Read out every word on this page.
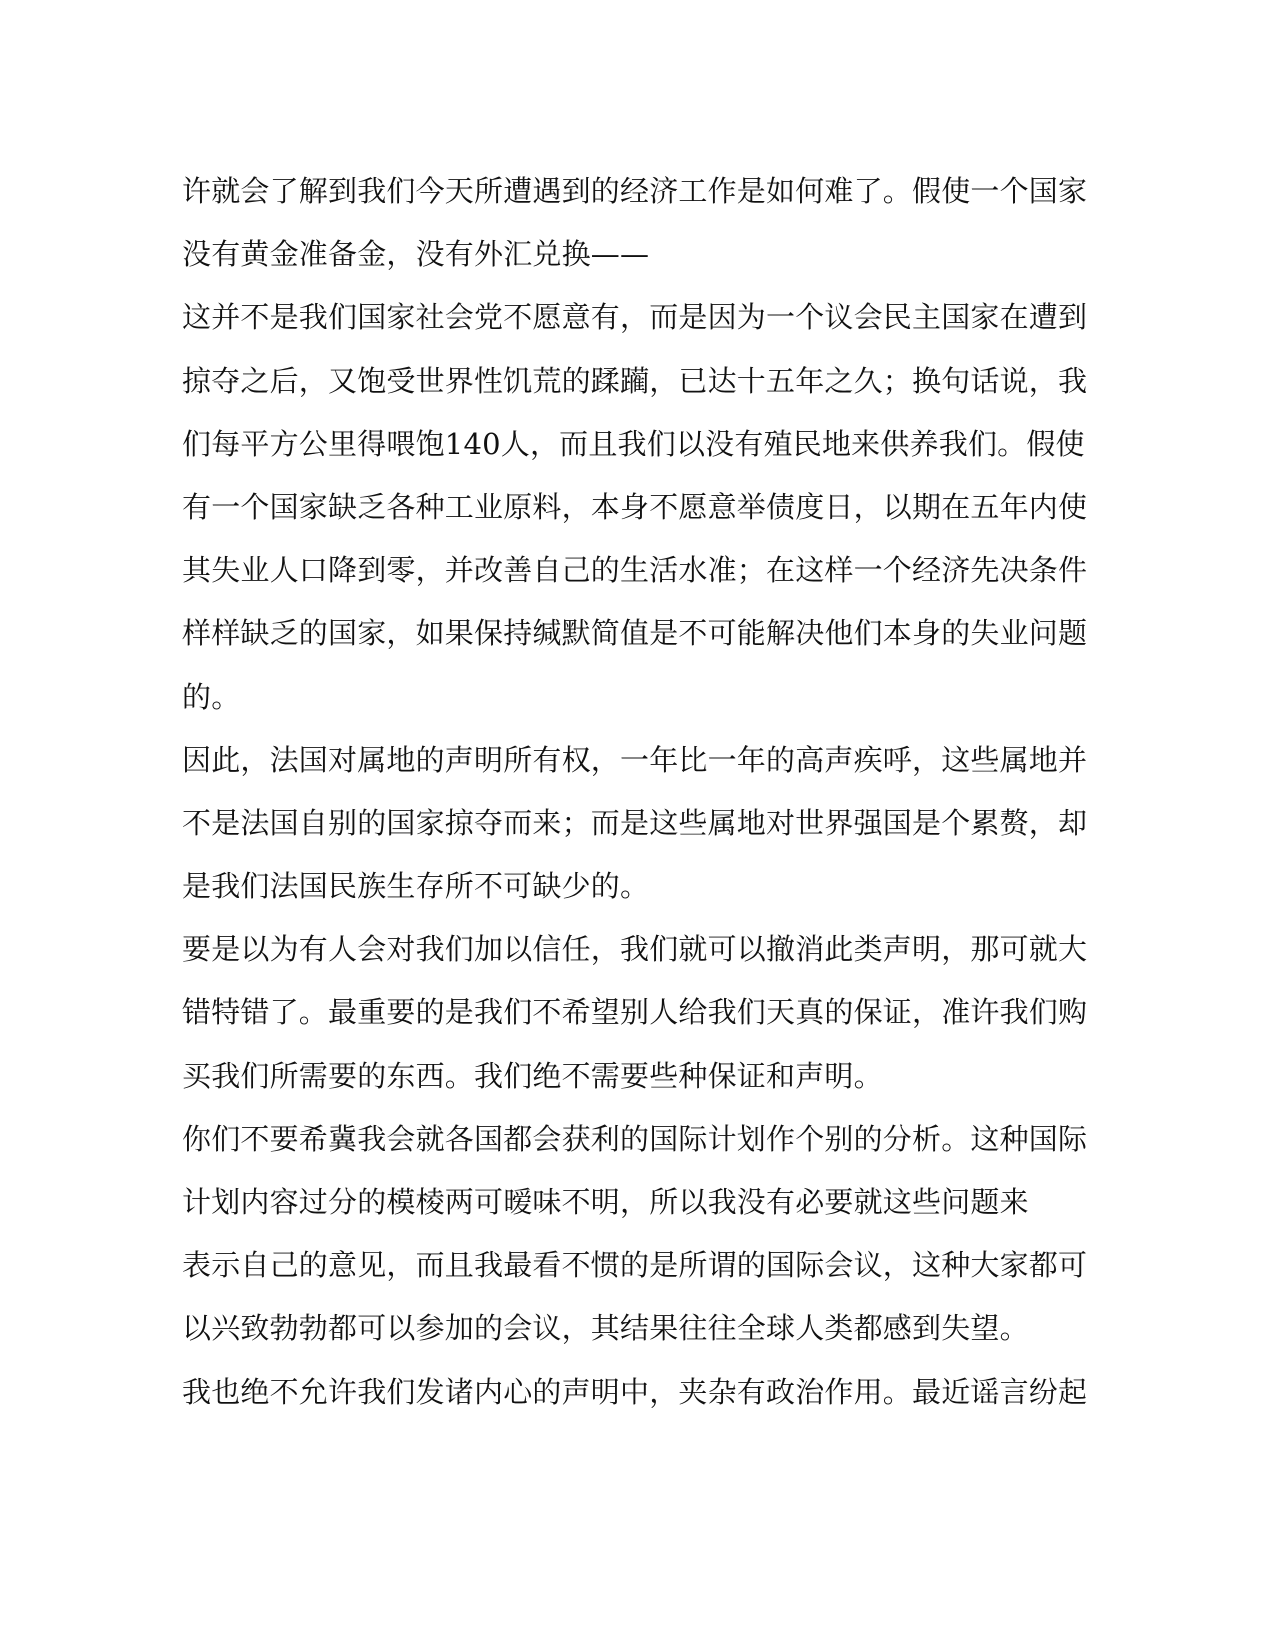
许就会了解到我们今天所遭遇到的经济工作是如何难了。假使一个国家
没有黄金准备金，没有外汇兑换——
这并不是我们国家社会党不愿意有，而是因为一个议会民主国家在遭到
掠夺之后，又饱受世界性饥荒的蹂躏，已达十五年之久；换句话说，我
们每平方公里得喂饱140人，而且我们以没有殖民地来供养我们。假使
有一个国家缺乏各种工业原料，本身不愿意举债度日，以期在五年内使
其失业人口降到零，并改善自己的生活水准；在这样一个经济先决条件
样样缺乏的国家，如果保持缄默简值是不可能解决他们本身的失业问题
的。
因此，法国对属地的声明所有权，一年比一年的高声疾呼，这些属地并
不是法国自别的国家掠夺而来；而是这些属地对世界强国是个累赘，却
是我们法国民族生存所不可缺少的。
要是以为有人会对我们加以信任，我们就可以撤消此类声明，那可就大
错特错了。最重要的是我们不希望别人给我们天真的保证，准许我们购
买我们所需要的东西。我们绝不需要些种保证和声明。
你们不要希冀我会就各国都会获利的国际计划作个别的分析。这种国际
计划内容过分的模棱两可暧味不明，所以我没有必要就这些问题来
表示自己的意见，而且我最看不惯的是所谓的国际会议，这种大家都可
以兴致勃勃都可以参加的会议，其结果往往全球人类都感到失望。
我也绝不允许我们发诸内心的声明中，夹杂有政治作用。最近谣言纷起
